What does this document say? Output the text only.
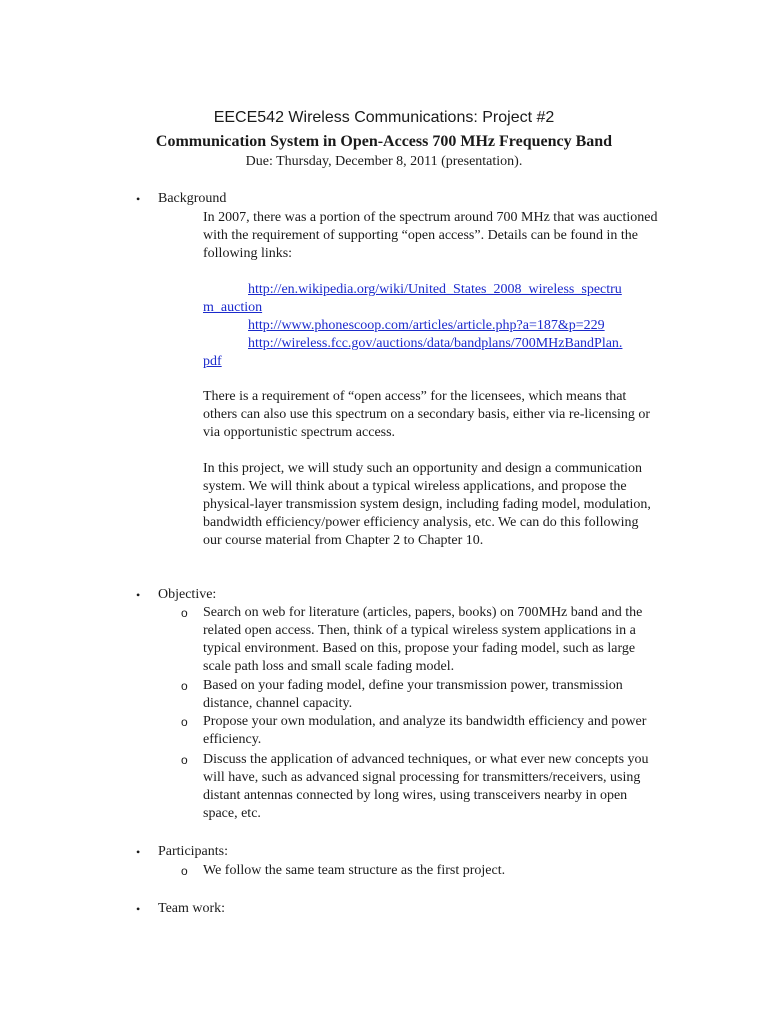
EECE542 Wireless Communications: Project #2
Communication System in Open-Access 700 MHz Frequency Band
Due: Thursday, December 8, 2011 (presentation).
• Background

In 2007, there was a portion of the spectrum around 700 MHz that was auctioned with the requirement of supporting “open access”. Details can be found in the following links:

http://en.wikipedia.org/wiki/United_States_2008_wireless_spectru
m_auction
http://www.phonescoop.com/articles/article.php?a=187&p=229
http://wireless.fcc.gov/auctions/data/bandplans/700MHzBandPlan.
pdf

There is a requirement of “open access” for the licensees, which means that others can also use this spectrum on a secondary basis, either via re-licensing or via opportunistic spectrum access.

In this project, we will study such an opportunity and design a communication system. We will think about a typical wireless applications, and propose the physical-layer transmission system design, including fading model, modulation, bandwidth efficiency/power efficiency analysis, etc. We can do this following our course material from Chapter 2 to Chapter 10.

• Objective:
o Search on web for literature (articles, papers, books) on 700MHz band and the related open access. Then, think of a typical wireless system applications in a typical environment. Based on this, propose your fading model, such as large scale path loss and small scale fading model.

o Based on your fading model, define your transmission power, transmission distance, channel capacity.

o Propose your own modulation, and analyze its bandwidth efficiency and power efficiency.

o Discuss the application of advanced techniques, or what ever new concepts you will have, such as advanced signal processing for transmitters/receivers, using distant antennas connected by long wires, using transceivers nearby in open space, etc.

• Participants:
o We follow the same team structure as the first project.

• Team work:
